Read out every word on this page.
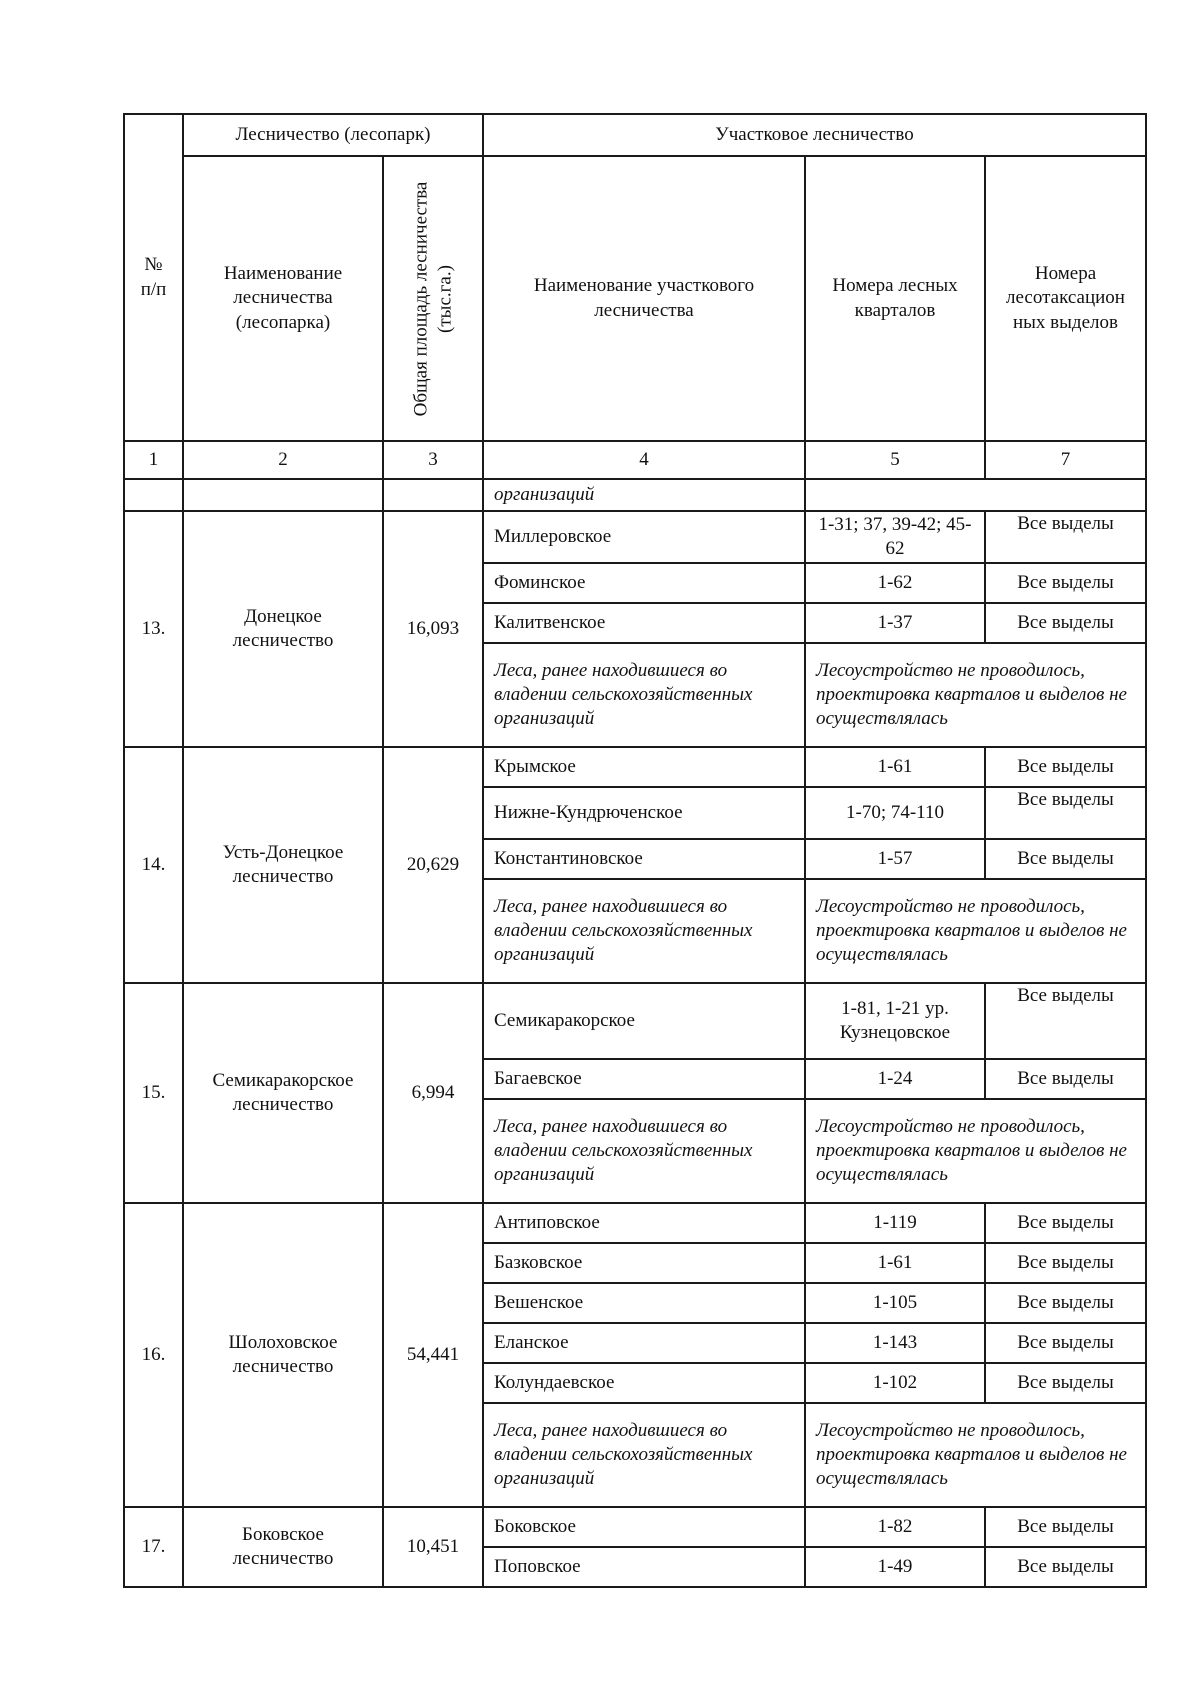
№
п/п	Лесничество (лесопарк)		Участковое лесничество		
	Наименование лесничества (лесопарка)	Общая площадь лесничества (тыс.га.)	Наименование участкового лесничества	Номера лесных кварталов	Номера лесотаксацион ных выделов
1	2	3	4	5	7
			организаций		
13.	Донецкое лесничество	16,093	Миллеровское	1-31; 37, 39-42; 45-62	Все выделы
			Фоминское	1-62	Все выделы
			Калитвенское	1-37	Все выделы
			Леса, ранее находившиеся во владении сельскохозяйственных организаций	Лесоустройство не проводилось, проектировка кварталов и выделов не осуществлялась	
14.	Усть-Донецкое лесничество	20,629	Крымское	1-61	Все выделы
			Нижне-Кундрюченское	1-70; 74-110	Все выделы
			Константиновское	1-57	Все выделы
			Леса, ранее находившиеся во владении сельскохозяйственных организаций	Лесоустройство не проводилось, проектировка кварталов и выделов не осуществлялась	
15.	Семикаракорское лесничество	6,994	Семикаракорское	1-81, 1-21 ур. Кузнецовское	Все выделы
			Багаевское	1-24	Все выделы
			Леса, ранее находившиеся во владении сельскохозяйственных организаций	Лесоустройство не проводилось, проектировка кварталов и выделов не осуществлялась	
16.	Шолоховское лесничество	54,441	Антиповское	1-119	Все выделы
			Базковское	1-61	Все выделы
			Вешенское	1-105	Все выделы
			Еланское	1-143	Все выделы
			Колундаевское	1-102	Все выделы
			Леса, ранее находившиеся во владении сельскохозяйственных организаций	Лесоустройство не проводилось, проектировка кварталов и выделов не осуществлялась	
17.	Боковское лесничество	10,451	Боковское	1-82	Все выделы
			Поповское	1-49	Все выделы
